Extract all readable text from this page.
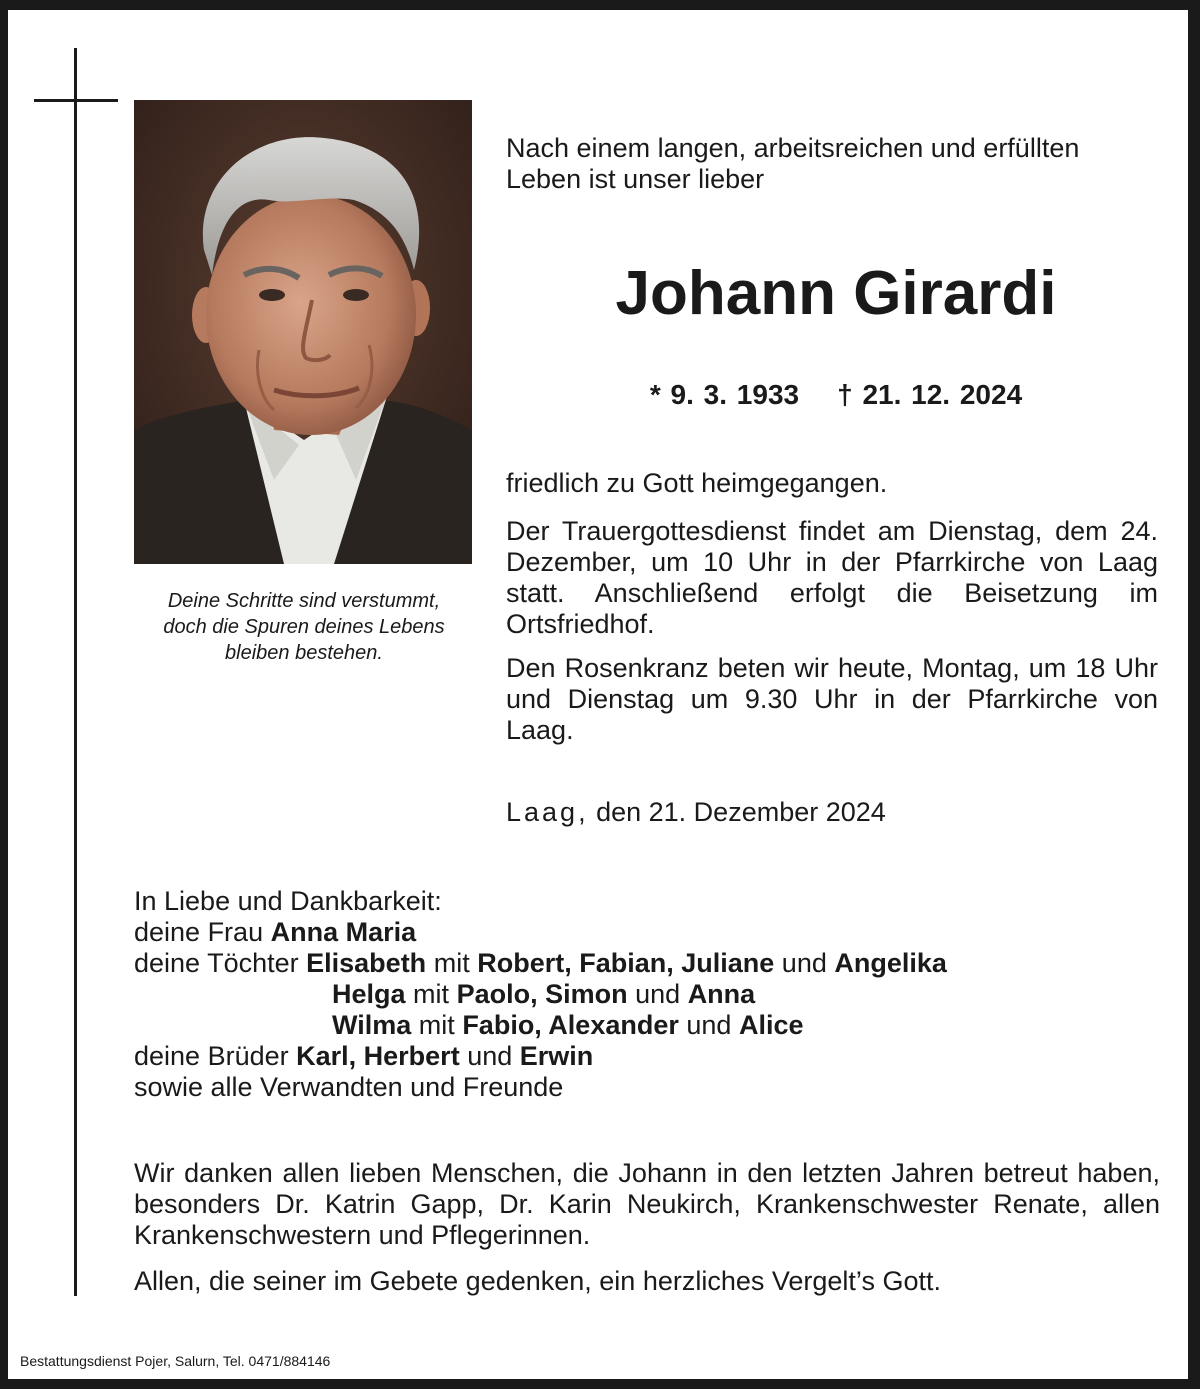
Deine Schritte sind verstummt,
doch die Spuren deines Lebens
bleiben bestehen.
Nach einem langen, arbeitsreichen und erfüllten
Leben ist unser lieber
Johann Girardi
* 9. 3. 1933 † 21. 12. 2024
friedlich zu Gott heimgegangen.
Der Trauergottesdienst findet am Dienstag, dem 24. Dezember, um 10 Uhr in der Pfarrkirche von Laag statt. Anschließend erfolgt die Beisetzung im Ortsfriedhof.
Den Rosenkranz beten wir heute, Montag, um 18 Uhr und Dienstag um 9.30 Uhr in der Pfarrkirche von Laag.
Laag, den 21. Dezember 2024
In Liebe und Dankbarkeit:
deine Frau Anna Maria
deine Töchter Elisabeth mit Robert, Fabian, Juliane und Angelika
Helga mit Paolo, Simon und Anna
Wilma mit Fabio, Alexander und Alice
deine Brüder Karl, Herbert und Erwin
sowie alle Verwandten und Freunde
Wir danken allen lieben Menschen, die Johann in den letzten Jahren betreut haben, besonders Dr. Katrin Gapp, Dr. Karin Neukirch, Krankenschwester Renate, allen Krankenschwestern und Pflegerinnen.
Allen, die seiner im Gebete gedenken, ein herzliches Vergelt’s Gott.
Bestattungsdienst Pojer, Salurn, Tel. 0471/884146
